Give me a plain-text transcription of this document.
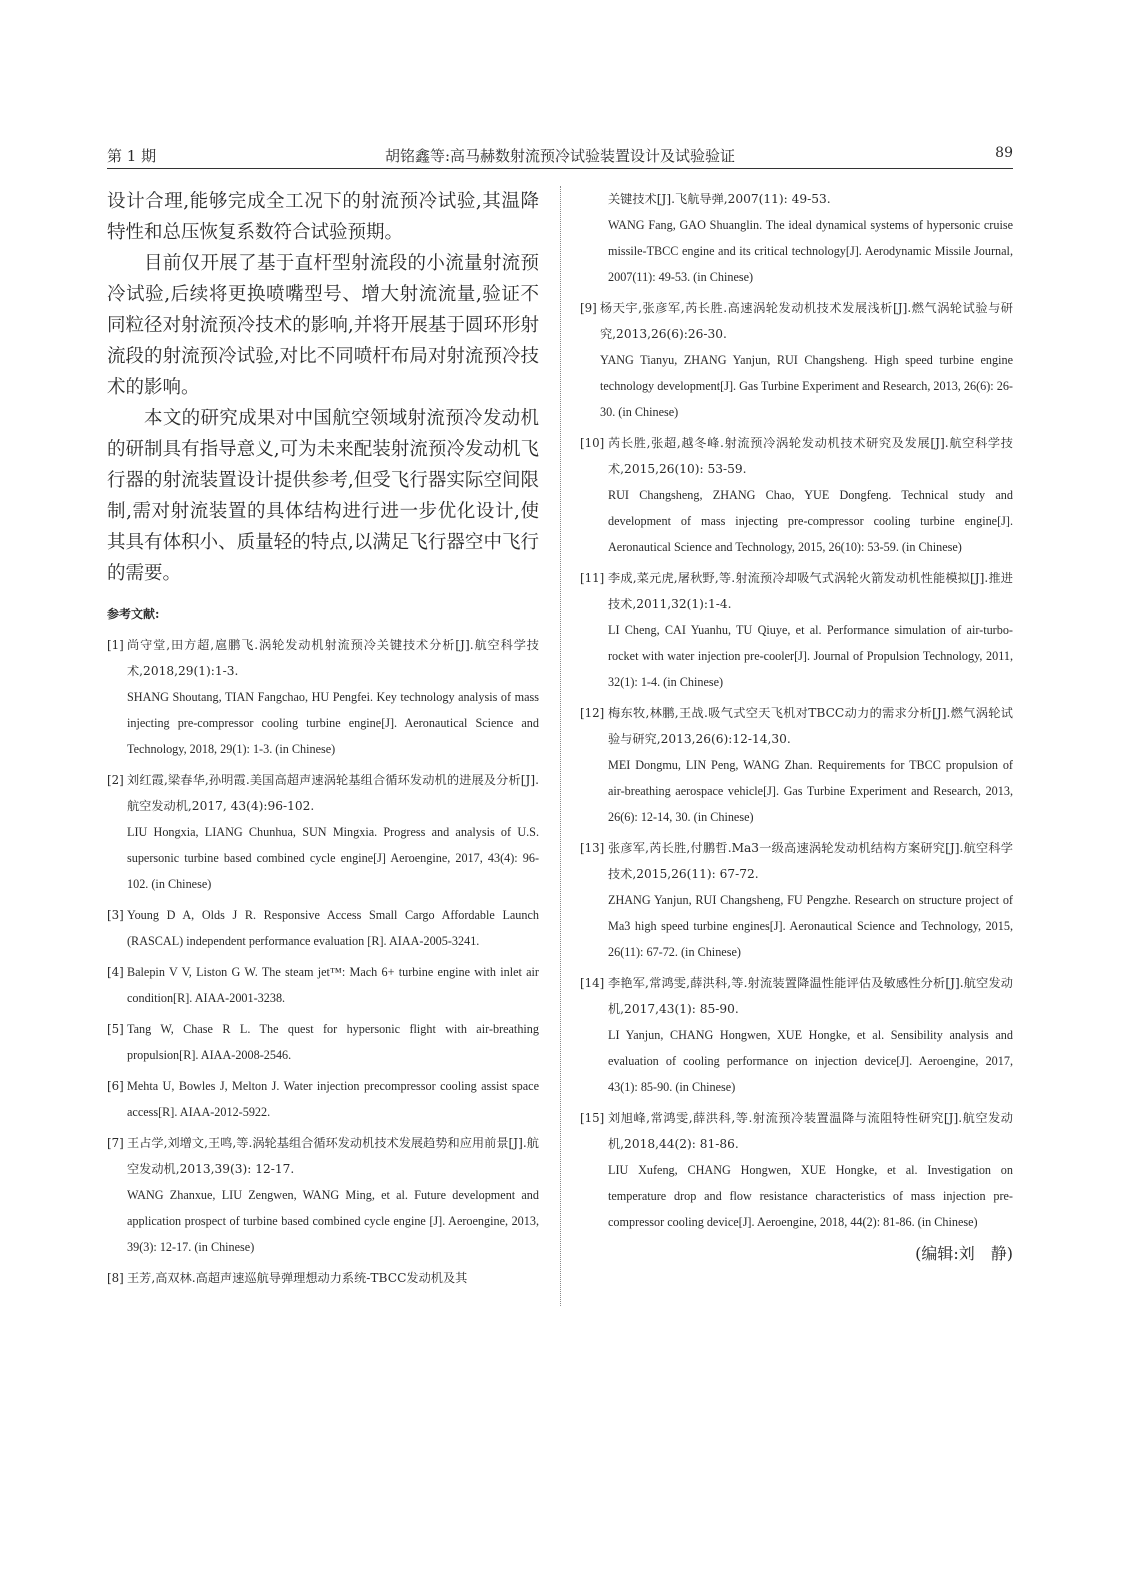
第 1 期	胡铭鑫等:高马赫数射流预冷试验装置设计及试验验证	89

设计合理,能够完成全工况下的射流预冷试验,其温降特性和总压恢复系数符合试验预期。

目前仅开展了基于直杆型射流段的小流量射流预冷试验,后续将更换喷嘴型号、增大射流流量,验证不同粒径对射流预冷技术的影响,并将开展基于圆环形射流段的射流预冷试验,对比不同喷杆布局对射流预冷技术的影响。

本文的研究成果对中国航空领域射流预冷发动机的研制具有指导意义,可为未来配装射流预冷发动机飞行器的射流装置设计提供参考,但受飞行器实际空间限制,需对射流装置的具体结构进行进一步优化设计,使其具有体积小、质量轻的特点,以满足飞行器空中飞行的需要。

参考文献:
[1] 尚守堂,田方超,扈鹏飞.涡轮发动机射流预冷关键技术分析[J].航空科学技术,2018,29(1):1-3.

SHANG Shoutang, TIAN Fangchao, HU Pengfei. Key technology analysis of mass injecting pre-compressor cooling turbine engine[J]. Aeronautical Science and Technology, 2018, 29(1): 1-3. (in Chinese)

[2] 刘红霞,梁春华,孙明霞.美国高超声速涡轮基组合循环发动机的进展及分析[J].航空发动机,2017, 43(4):96-102.

LIU Hongxia, LIANG Chunhua, SUN Mingxia. Progress and analysis of U.S. supersonic turbine based combined cycle engine[J] Aeroengine, 2017, 43(4): 96-102. (in Chinese)

[3] Young D A, Olds J R. Responsive Access Small Cargo Affordable Launch (RASCAL) independent performance evaluation [R]. AIAA-2005-3241.

[4] Balepin V V, Liston G W. The steam jet™: Mach 6+ turbine engine with inlet air condition[R]. AIAA-2001-3238.

[5] Tang W, Chase R L. The quest for hypersonic flight with air-breathing propulsion[R]. AIAA-2008-2546.

[6] Mehta U, Bowles J, Melton J. Water injection precompressor cooling assist space access[R]. AIAA-2012-5922.

[7] 王占学,刘增文,王鸣,等.涡轮基组合循环发动机技术发展趋势和应用前景[J].航空发动机,2013,39(3): 12-17.

WANG Zhanxue, LIU Zengwen, WANG Ming, et al. Future development and application prospect of turbine based combined cycle engine [J]. Aeroengine, 2013, 39(3): 12-17. (in Chinese)

[8] 王芳,高双林.高超声速巡航导弹理想动力系统-TBCC发动机及其

关键技术[J].飞航导弹,2007(11): 49-53.

WANG Fang, GAO Shuanglin. The ideal dynamical systems of hypersonic cruise missile-TBCC engine and its critical technology[J]. Aerodynamic Missile Journal, 2007(11): 49-53. (in Chinese)

[9] 杨天宇,张彦军,芮长胜.高速涡轮发动机技术发展浅析[J].燃气涡轮试验与研究,2013,26(6):26-30.

YANG Tianyu, ZHANG Yanjun, RUI Changsheng. High speed turbine engine technology development[J]. Gas Turbine Experiment and Research, 2013, 26(6): 26-30. (in Chinese)

[10] 芮长胜,张超,越冬峰.射流预冷涡轮发动机技术研究及发展[J].航空科学技术,2015,26(10): 53-59.

RUI Changsheng, ZHANG Chao, YUE Dongfeng. Technical study and development of mass injecting pre-compressor cooling turbine engine[J]. Aeronautical Science and Technology, 2015, 26(10): 53-59. (in Chinese)

[11] 李成,菜元虎,屠秋野,等.射流预冷却吸气式涡轮火箭发动机性能模拟[J].推进技术,2011,32(1):1-4.

LI Cheng, CAI Yuanhu, TU Qiuye, et al. Performance simulation of air-turbo-rocket with water injection pre-cooler[J]. Journal of Propulsion Technology, 2011, 32(1): 1-4. (in Chinese)

[12] 梅东牧,林鹏,王战.吸气式空天飞机对TBCC动力的需求分析[J].燃气涡轮试验与研究,2013,26(6):12-14,30.

MEI Dongmu, LIN Peng, WANG Zhan. Requirements for TBCC propulsion of air-breathing aerospace vehicle[J]. Gas Turbine Experiment and Research, 2013, 26(6): 12-14, 30. (in Chinese)

[13] 张彦军,芮长胜,付鹏哲.Ma3一级高速涡轮发动机结构方案研究[J].航空科学技术,2015,26(11): 67-72.

ZHANG Yanjun, RUI Changsheng, FU Pengzhe. Research on structure project of Ma3 high speed turbine engines[J]. Aeronautical Science and Technology, 2015, 26(11): 67-72. (in Chinese)

[14] 李艳军,常鸿雯,薛洪科,等.射流装置降温性能评估及敏感性分析[J].航空发动机,2017,43(1): 85-90.

LI Yanjun, CHANG Hongwen, XUE Hongke, et al. Sensibility analysis and evaluation of cooling performance on injection device[J]. Aeroengine, 2017, 43(1): 85-90. (in Chinese)

[15] 刘旭峰,常鸿雯,薛洪科,等.射流预冷装置温降与流阻特性研究[J].航空发动机,2018,44(2): 81-86.

LIU Xufeng, CHANG Hongwen, XUE Hongke, et al. Investigation on temperature drop and flow resistance characteristics of mass injection pre-compressor cooling device[J]. Aeroengine, 2018, 44(2): 81-86. (in Chinese)

(编辑:刘　静)
